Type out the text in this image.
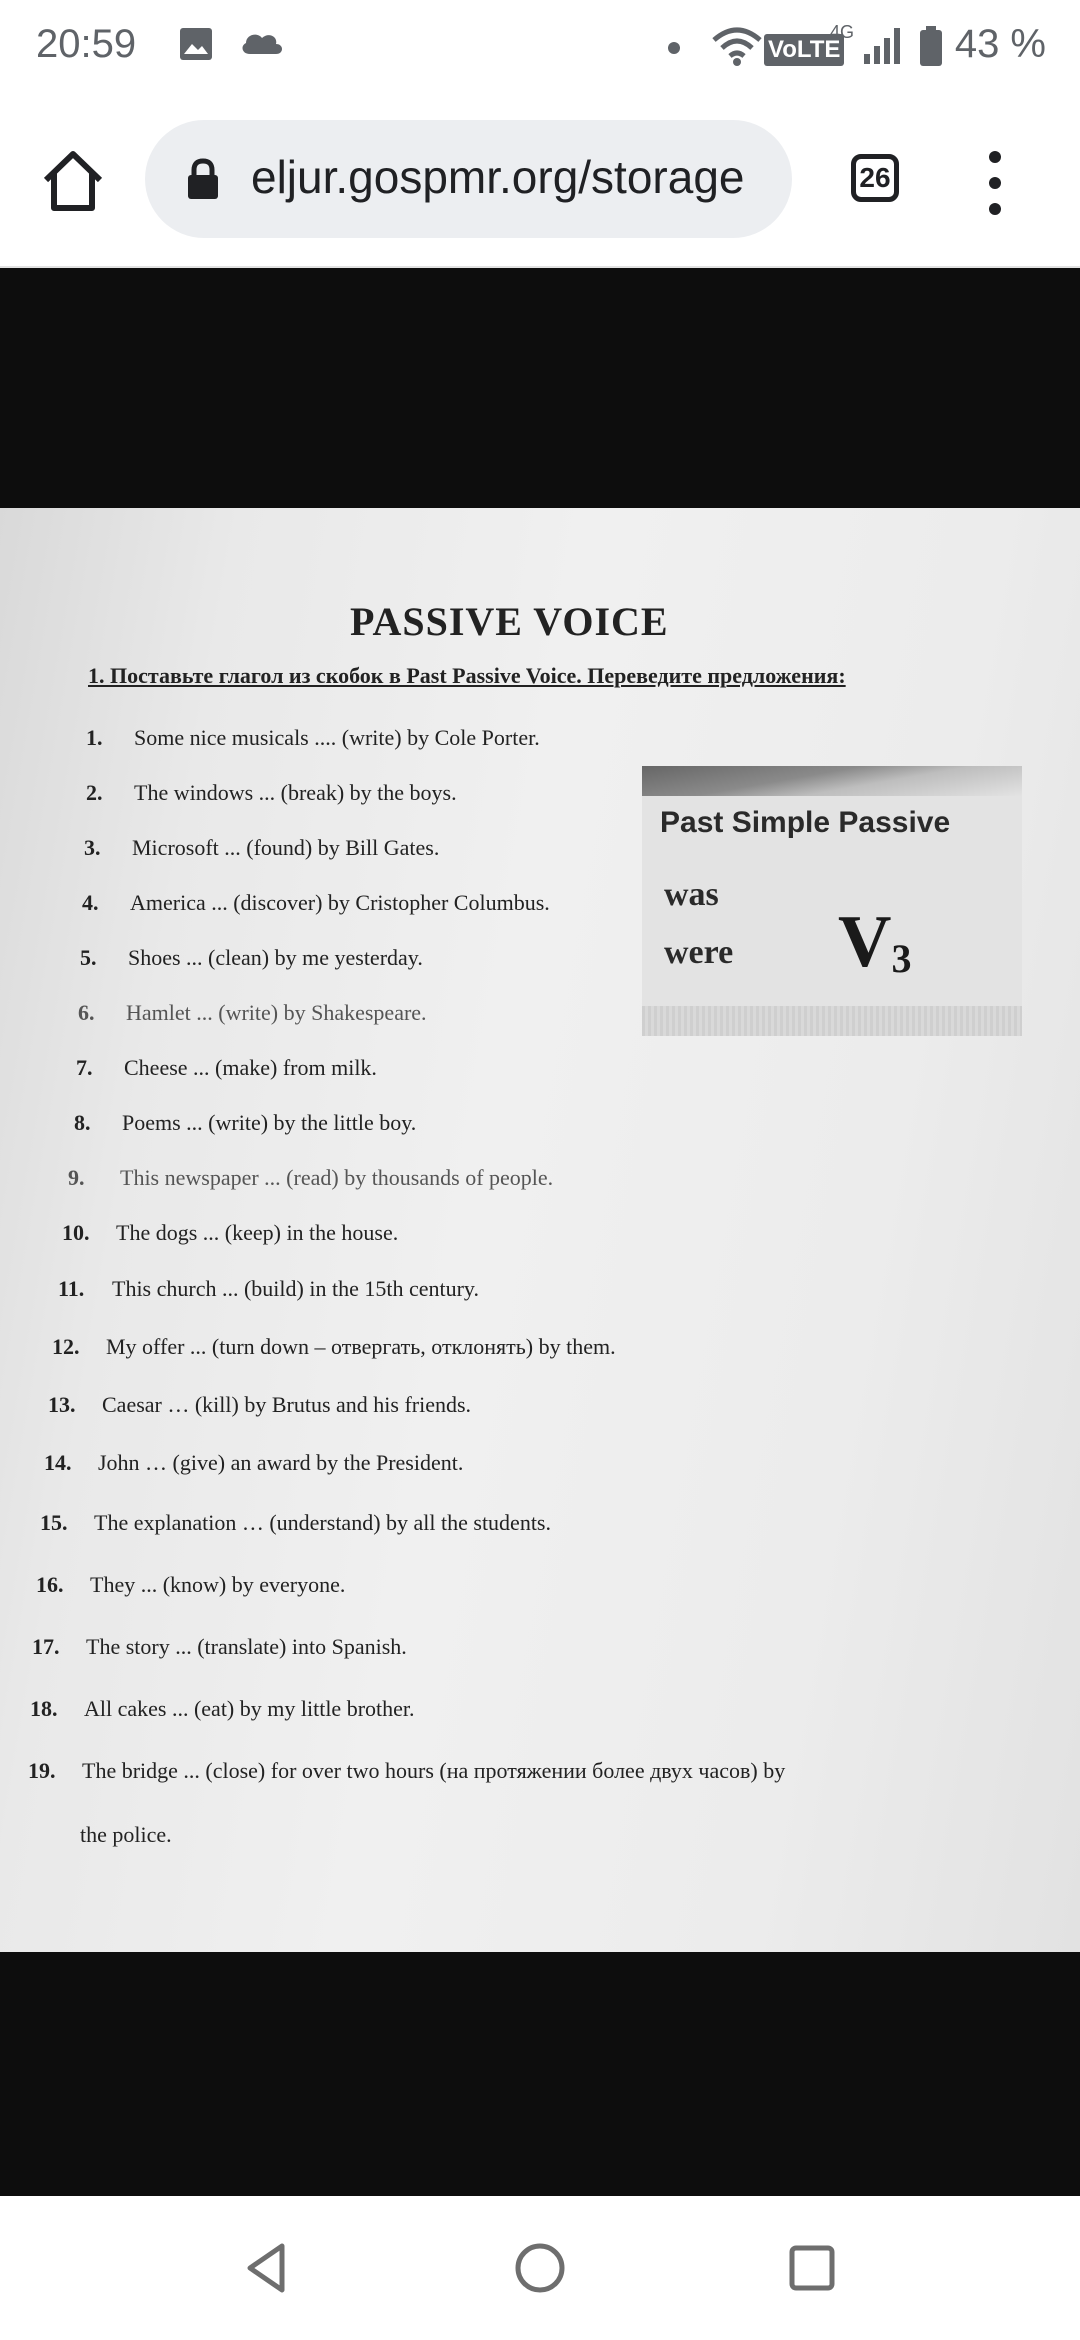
20:59	VoLTE
4G	43 %
eljur.gospmr.org/storage	26
PASSIVE VOICE
1. Поставьте глагол из скобок в Past Passive Voice. Переведите предложения:
1. Some nice musicals .... (write) by Cole Porter.
2. The windows ... (break) by the boys.
3. Microsoft ... (found) by Bill Gates.
4. America ... (discover) by Cristopher Columbus.
5. Shoes ... (clean) by me yesterday.
6. Hamlet ... (write) by Shakespeare.
7. Cheese ... (make) from milk.
8. Poems ... (write) by the little boy.
9. This newspaper ... (read) by thousands of people.
10. The dogs ... (keep) in the house.
11. This church ... (build) in the 15th century.
12. My offer ... (turn down – отвергать, отклонять) by them.
13. Caesar … (kill) by Brutus and his friends.
14. John … (give) an award by the President.
15. The explanation … (understand) by all the students.
16. They ... (know) by everyone.
17. The story ... (translate) into Spanish.
18. All cakes ... (eat) by my little brother.
19. The bridge ... (close) for over two hours (на протяжении более двух часов) by
the police.
Past Simple Passive
was
were $V_3$
